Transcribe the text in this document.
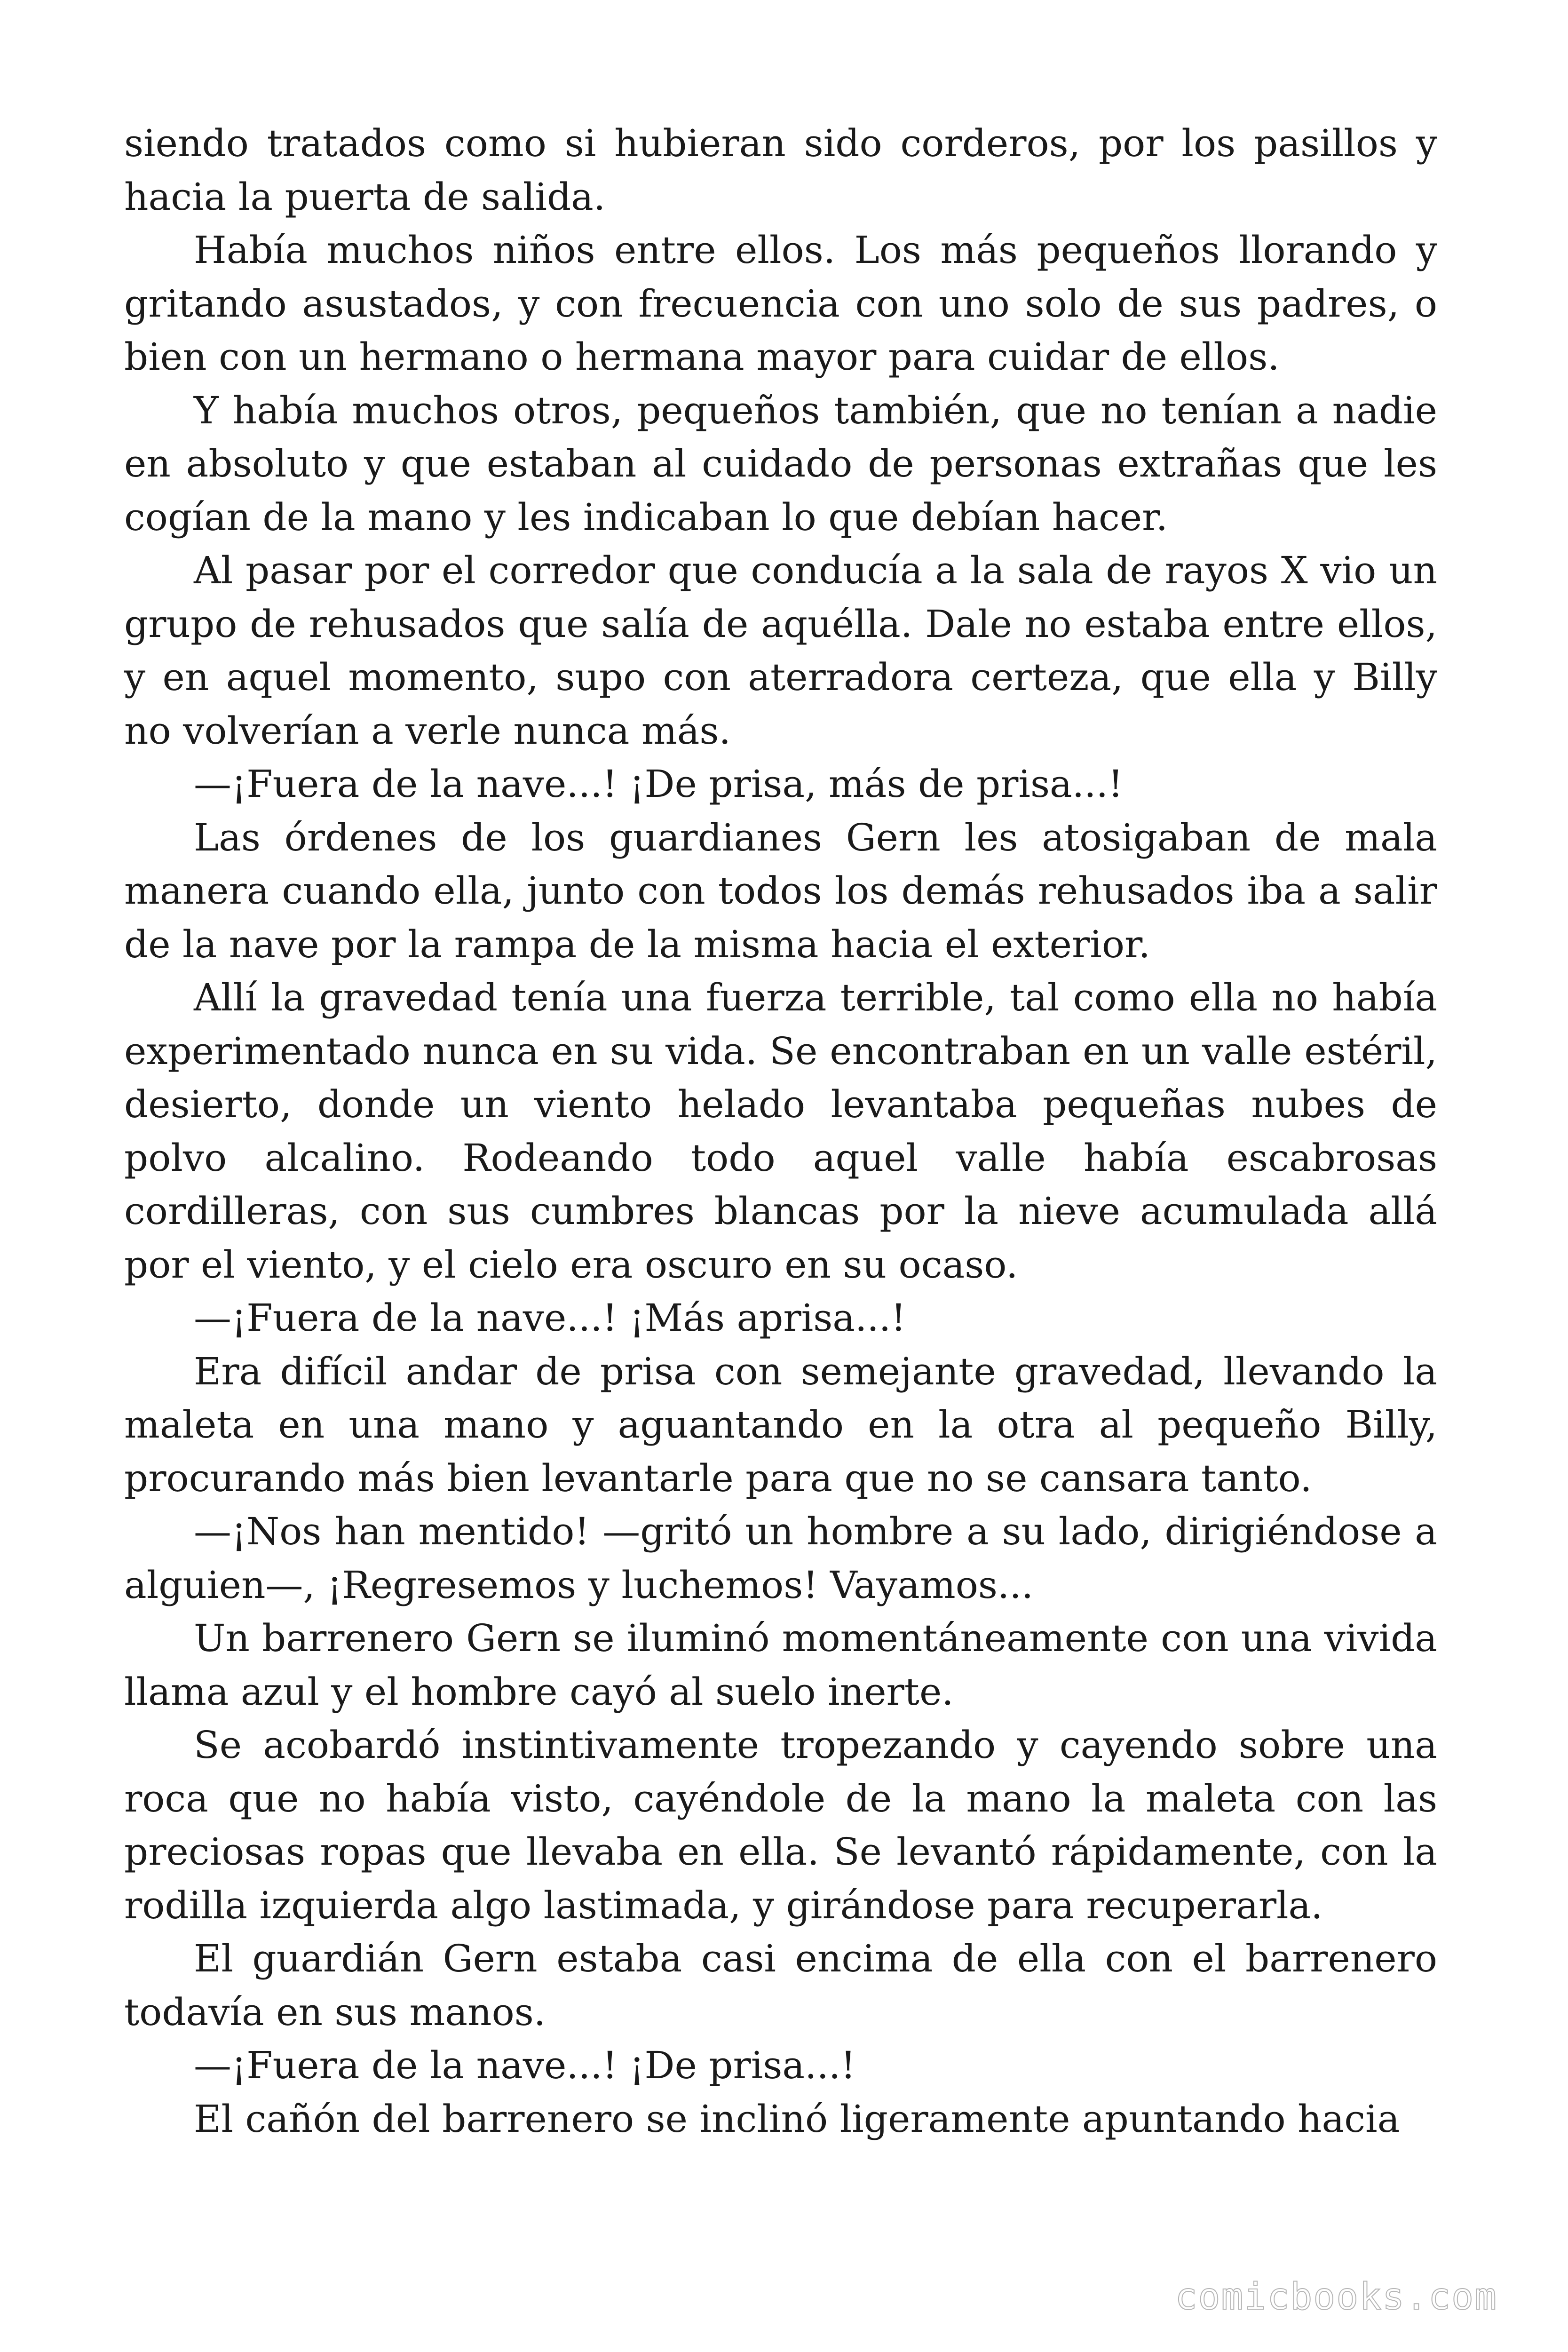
siendo tratados como si hubieran sido corderos, por los pasillos y hacia la puerta de salida.

Había muchos niños entre ellos. Los más pequeños llorando y gritando asustados, y con frecuencia con uno solo de sus padres, o bien con un hermano o hermana mayor para cuidar de ellos.

Y había muchos otros, pequeños también, que no tenían a nadie en absoluto y que estaban al cuidado de personas extrañas que les cogían de la mano y les indicaban lo que debían hacer.

Al pasar por el corredor que conducía a la sala de rayos X vio un grupo de rehusados que salía de aquélla. Dale no estaba entre ellos, y en aquel momento, supo con aterradora certeza, que ella y Billy no volverían a verle nunca más.

—¡Fuera de la nave...! ¡De prisa, más de prisa...!

Las órdenes de los guardianes Gern les atosigaban de mala manera cuando ella, junto con todos los demás rehusados iba a salir de la nave por la rampa de la misma hacia el exterior.

Allí la gravedad tenía una fuerza terrible, tal como ella no había experimentado nunca en su vida. Se encontraban en un valle estéril, desierto, donde un viento helado levantaba pequeñas nubes de polvo alcalino. Rodeando todo aquel valle había escabrosas cordilleras, con sus cumbres blancas por la nieve acumulada allá por el viento, y el cielo era oscuro en su ocaso.

—¡Fuera de la nave...! ¡Más aprisa...!

Era difícil andar de prisa con semejante gravedad, llevando la maleta en una mano y aguantando en la otra al pequeño Billy, procurando más bien levantarle para que no se cansara tanto.

—¡Nos han mentido! —gritó un hombre a su lado, dirigiéndose a alguien—, ¡Regresemos y luchemos! Vayamos...

Un barrenero Gern se iluminó momentáneamente con una vivida llama azul y el hombre cayó al suelo inerte.

Se acobardó instintivamente tropezando y cayendo sobre una roca que no había visto, cayéndole de la mano la maleta con las preciosas ropas que llevaba en ella. Se levantó rápidamente, con la rodilla izquierda algo lastimada, y girándose para recuperarla.

El guardián Gern estaba casi encima de ella con el barrenero todavía en sus manos.

—¡Fuera de la nave...! ¡De prisa...!

El cañón del barrenero se inclinó ligeramente apuntando hacia

comicbooks.com
